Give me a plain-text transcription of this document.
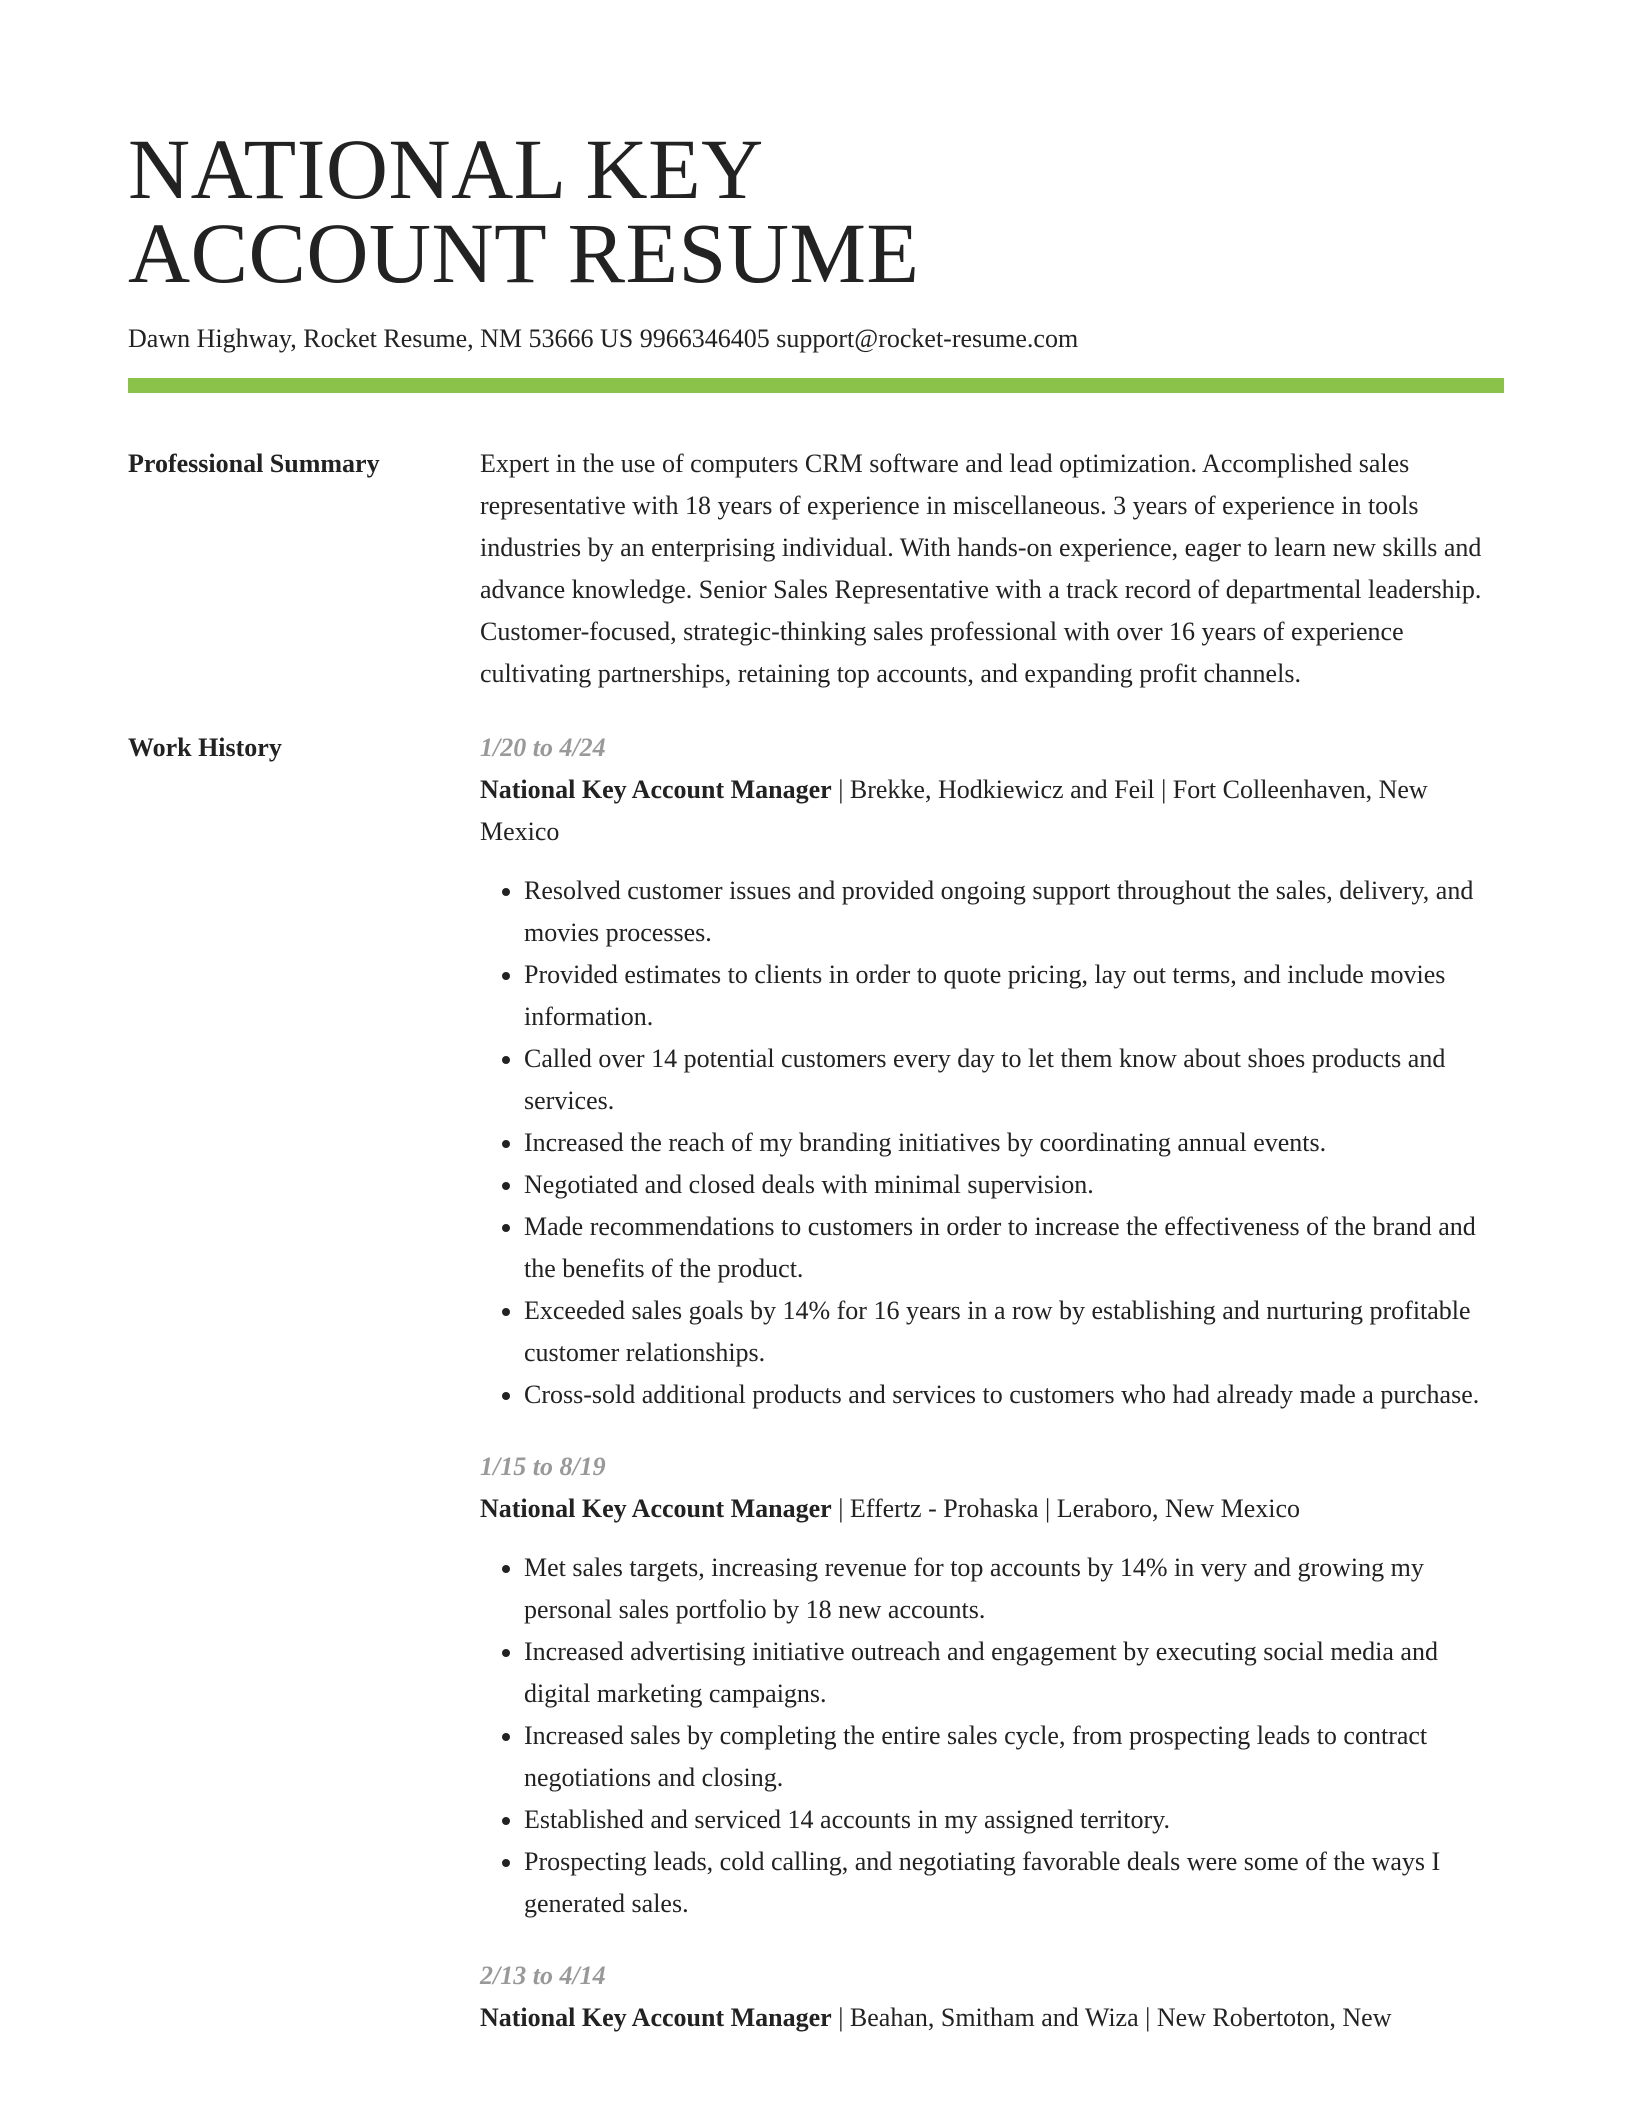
NATIONAL KEY ACCOUNT RESUME
Dawn Highway, Rocket Resume, NM 53666 US 9966346405 support@rocket-resume.com
Professional Summary	Expert in the use of computers CRM software and lead optimization. Accomplished sales representative with 18 years of experience in miscellaneous. 3 years of experience in tools industries by an enterprising individual. With hands-on experience, eager to learn new skills and advance knowledge. Senior Sales Representative with a track record of departmental leadership. Customer-focused, strategic-thinking sales professional with over 16 years of experience cultivating partnerships, retaining top accounts, and expanding profit channels.

Work History	1/20 to 4/24
National Key Account Manager | Brekke, Hodkiewicz and Feil | Fort Colleenhaven, New Mexico
• Resolved customer issues and provided ongoing support throughout the sales, delivery, and movies processes.
• Provided estimates to clients in order to quote pricing, lay out terms, and include movies information.
• Called over 14 potential customers every day to let them know about shoes products and services.
• Increased the reach of my branding initiatives by coordinating annual events.
• Negotiated and closed deals with minimal supervision.
• Made recommendations to customers in order to increase the effectiveness of the brand and the benefits of the product.
• Exceeded sales goals by 14% for 16 years in a row by establishing and nurturing profitable customer relationships.
• Cross-sold additional products and services to customers who had already made a purchase.
1/15 to 8/19
National Key Account Manager | Effertz - Prohaska | Leraboro, New Mexico
• Met sales targets, increasing revenue for top accounts by 14% in very and growing my personal sales portfolio by 18 new accounts.
• Increased advertising initiative outreach and engagement by executing social media and digital marketing campaigns.
• Increased sales by completing the entire sales cycle, from prospecting leads to contract negotiations and closing.
• Established and serviced 14 accounts in my assigned territory.
• Prospecting leads, cold calling, and negotiating favorable deals were some of the ways I generated sales.
2/13 to 4/14
National Key Account Manager | Beahan, Smitham and Wiza | New Robertoton, New
